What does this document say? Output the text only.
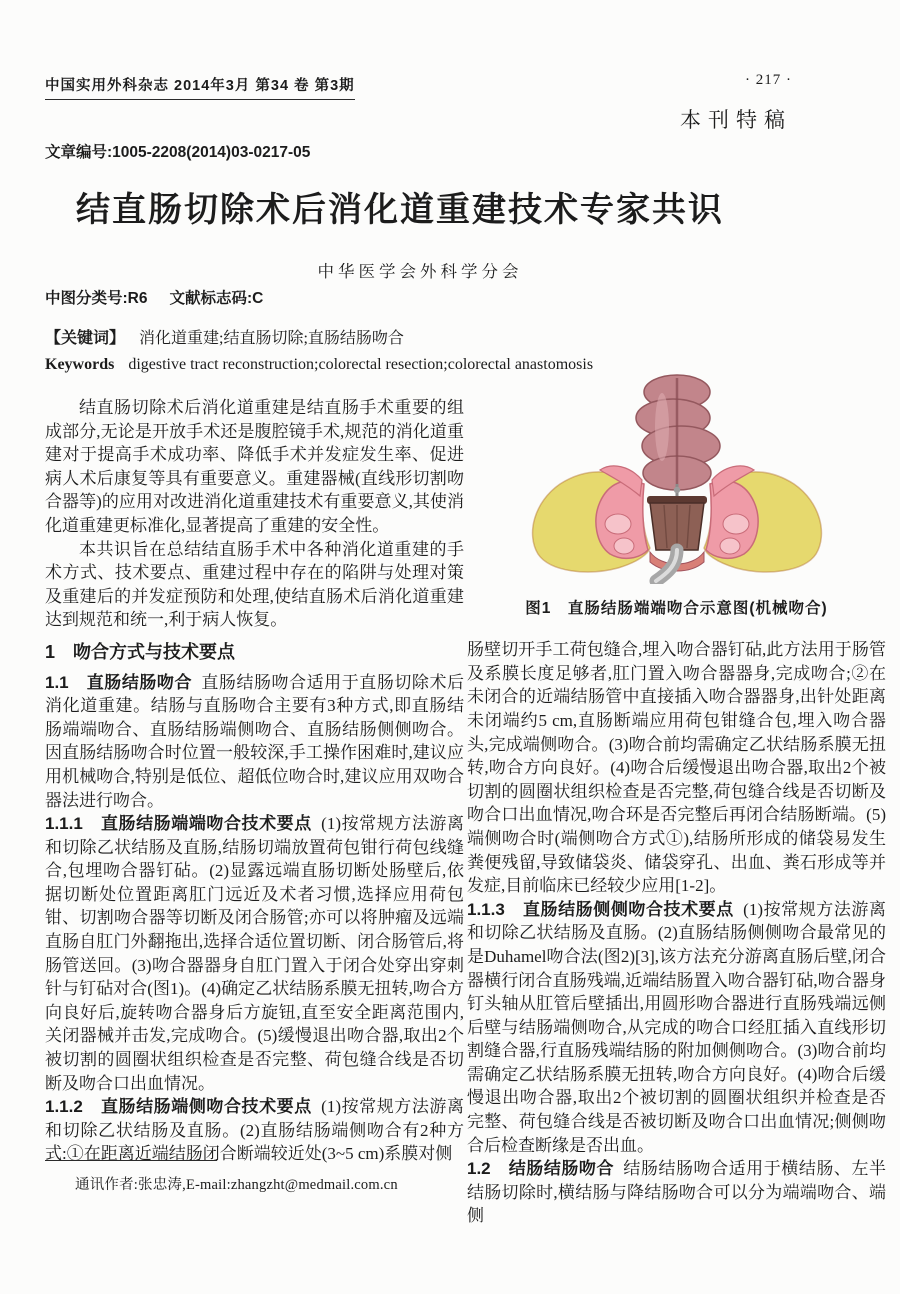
中国实用外科杂志 2014年3月 第34 卷 第3期	· 217 ·
本刊特稿
文章编号:1005-2208(2014)03-0217-05
结直肠切除术后消化道重建技术专家共识
中华医学会外科学分会
中图分类号:R6 文献标志码:C
【关键词】 消化道重建;结直肠切除;直肠结肠吻合
Keywords digestive tract reconstruction;colorectal resection;colorectal anastomosis

结直肠切除术后消化道重建是结直肠手术重要的组成部分,无论是开放手术还是腹腔镜手术,规范的消化道重建对于提高手术成功率、降低手术并发症发生率、促进病人术后康复等具有重要意义。重建器械(直线形切割吻合器等)的应用对改进消化道重建技术有重要意义,其使消化道重建更标准化,显著提高了重建的安全性。

本共识旨在总结结直肠手术中各种消化道重建的手术方式、技术要点、重建过程中存在的陷阱与处理对策及重建后的并发症预防和处理,使结直肠术后消化道重建达到规范和统一,利于病人恢复。

1　吻合方式与技术要点

1.1　直肠结肠吻合 直肠结肠吻合适用于直肠切除术后消化道重建。结肠与直肠吻合主要有3种方式,即直肠结肠端端吻合、直肠结肠端侧吻合、直肠结肠侧侧吻合。因直肠结肠吻合时位置一般较深,手工操作困难时,建议应用机械吻合,特别是低位、超低位吻合时,建议应用双吻合器法进行吻合。

1.1.1　直肠结肠端端吻合技术要点 (1)按常规方法游离和切除乙状结肠及直肠,结肠切端放置荷包钳行荷包线缝合,包埋吻合器钉砧。(2)显露远端直肠切断处肠壁后,依据切断处位置距离肛门远近及术者习惯,选择应用荷包钳、切割吻合器等切断及闭合肠管;亦可以将肿瘤及远端直肠自肛门外翻拖出,选择合适位置切断、闭合肠管后,将肠管送回。(3)吻合器器身自肛门置入于闭合处穿出穿刺针与钉砧对合(图1)。(4)确定乙状结肠系膜无扭转,吻合方向良好后,旋转吻合器身后方旋钮,直至安全距离范围内,关闭器械并击发,完成吻合。(5)缓慢退出吻合器,取出2个被切割的圆圈状组织检查是否完整、荷包缝合线是否切断及吻合口出血情况。

1.1.2　直肠结肠端侧吻合技术要点 (1)按常规方法游离和切除乙状结肠及直肠。(2)直肠结肠端侧吻合有2种方式:①在距离近端结肠闭合断端较近处(3~5 cm)系膜对侧

图1　直肠结肠端端吻合示意图(机械吻合)

肠壁切开手工荷包缝合,埋入吻合器钉砧,此方法用于肠管及系膜长度足够者,肛门置入吻合器器身,完成吻合;②在未闭合的近端结肠管中直接插入吻合器器身,出针处距离未闭端约5 cm,直肠断端应用荷包钳缝合包,埋入吻合器头,完成端侧吻合。(3)吻合前均需确定乙状结肠系膜无扭转,吻合方向良好。(4)吻合后缓慢退出吻合器,取出2个被切割的圆圈状组织检查是否完整,荷包缝合线是否切断及吻合口出血情况,吻合环是否完整后再闭合结肠断端。(5)端侧吻合时(端侧吻合方式①),结肠所形成的储袋易发生粪便残留,导致储袋炎、储袋穿孔、出血、粪石形成等并发症,目前临床已经较少应用[1-2]。

1.1.3　直肠结肠侧侧吻合技术要点 (1)按常规方法游离和切除乙状结肠及直肠。(2)直肠结肠侧侧吻合最常见的是Duhamel吻合法(图2)[3],该方法充分游离直肠后壁,闭合器横行闭合直肠残端,近端结肠置入吻合器钉砧,吻合器身钉头轴从肛管后壁插出,用圆形吻合器进行直肠残端远侧后壁与结肠端侧吻合,从完成的吻合口经肛插入直线形切割缝合器,行直肠残端结肠的附加侧侧吻合。(3)吻合前均需确定乙状结肠系膜无扭转,吻合方向良好。(4)吻合后缓慢退出吻合器,取出2个被切割的圆圈状组织并检查是否完整、荷包缝合线是否被切断及吻合口出血情况;侧侧吻合后检查断缘是否出血。

1.2　结肠结肠吻合 结肠结肠吻合适用于横结肠、左半结肠切除时,横结肠与降结肠吻合可以分为端端吻合、端侧

通讯作者:张忠涛,E-mail:zhangzht@medmail.com.cn
